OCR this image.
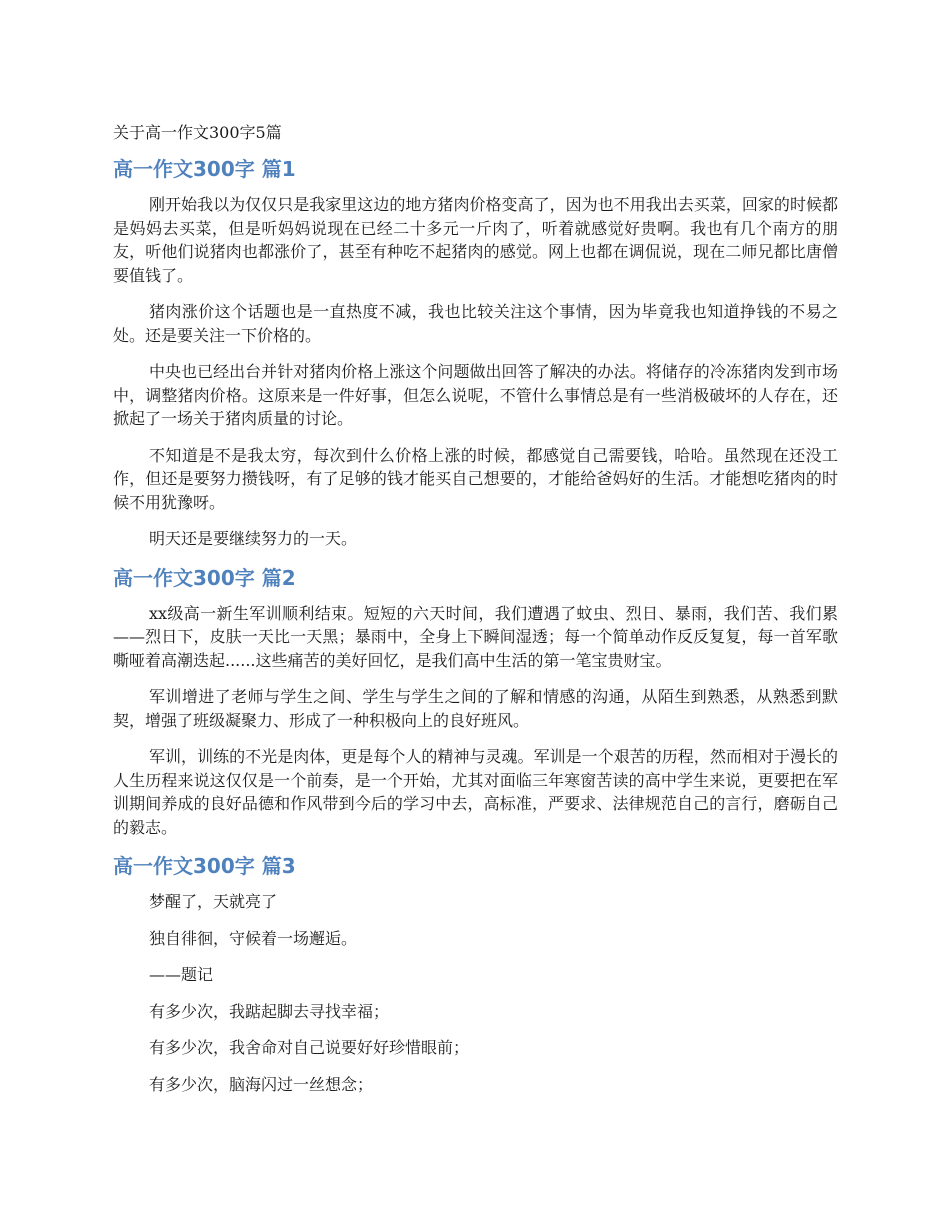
关于高一作文300字5篇
高一作文300字 篇1

刚开始我以为仅仅只是我家里这边的地方猪肉价格变高了，因为也不用我出去买菜，回家的时候都是妈妈去买菜，但是听妈妈说现在已经二十多元一斤肉了，听着就感觉好贵啊。我也有几个南方的朋友，听他们说猪肉也都涨价了，甚至有种吃不起猪肉的感觉。网上也都在调侃说，现在二师兄都比唐僧要值钱了。

猪肉涨价这个话题也是一直热度不减，我也比较关注这个事情，因为毕竟我也知道挣钱的不易之处。还是要关注一下价格的。

中央也已经出台并针对猪肉价格上涨这个问题做出回答了解决的办法。将储存的冷冻猪肉发到市场中，调整猪肉价格。这原来是一件好事，但怎么说呢，不管什么事情总是有一些消极破坏的人存在，还掀起了一场关于猪肉质量的讨论。

不知道是不是我太穷，每次到什么价格上涨的时候，都感觉自己需要钱，哈哈。虽然现在还没工作，但还是要努力攒钱呀，有了足够的钱才能买自己想要的，才能给爸妈好的生活。才能想吃猪肉的时候不用犹豫呀。

明天还是要继续努力的一天。

高一作文300字 篇2

xx级高一新生军训顺利结束。短短的六天时间，我们遭遇了蚊虫、烈日、暴雨，我们苦、我们累——烈日下，皮肤一天比一天黑；暴雨中，全身上下瞬间湿透；每一个简单动作反反复复，每一首军歌嘶哑着高潮迭起......这些痛苦的美好回忆，是我们高中生活的第一笔宝贵财宝。

军训增进了老师与学生之间、学生与学生之间的了解和情感的沟通，从陌生到熟悉，从熟悉到默契，增强了班级凝聚力、形成了一种积极向上的良好班风。

军训，训练的不光是肉体，更是每个人的精神与灵魂。军训是一个艰苦的历程，然而相对于漫长的人生历程来说这仅仅是一个前奏，是一个开始，尤其对面临三年寒窗苦读的高中学生来说，更要把在军训期间养成的良好品德和作风带到今后的学习中去，高标准，严要求、法律规范自己的言行，磨砺自己的毅志。

高一作文300字 篇3

梦醒了，天就亮了

独自徘徊，守候着一场邂逅。

——题记

有多少次，我踮起脚去寻找幸福；

有多少次，我舍命对自己说要好好珍惜眼前；

有多少次，脑海闪过一丝想念；
